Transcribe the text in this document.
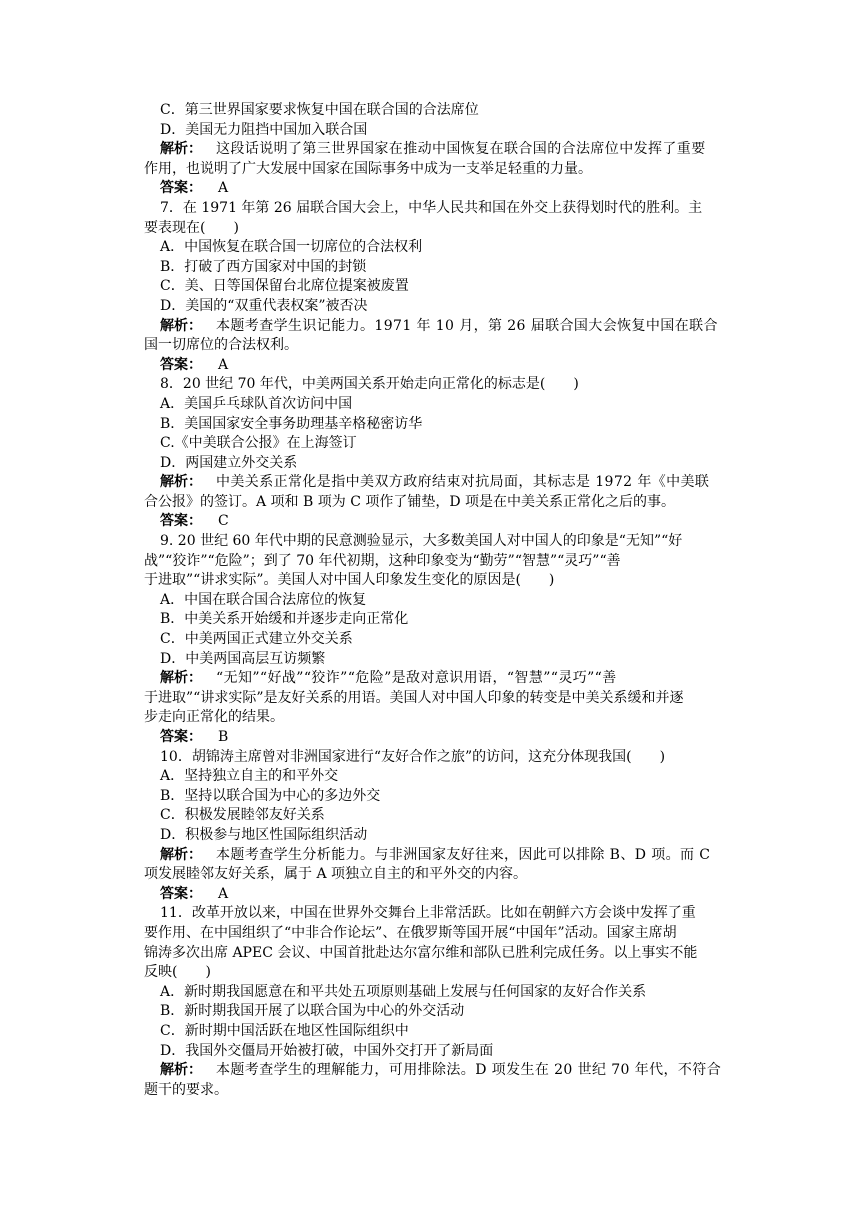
C．第三世界国家要求恢复中国在联合国的合法席位
D．美国无力阻挡中国加入联合国
解析： 这段话说明了第三世界国家在推动中国恢复在联合国的合法席位中发挥了重要
作用，也说明了广大发展中国家在国际事务中成为一支举足轻重的力量。
答案： A
7．在 1971 年第 26 届联合国大会上，中华人民共和国在外交上获得划时代的胜利。主
要表现在(　　)
A．中国恢复在联合国一切席位的合法权利
B．打破了西方国家对中国的封锁
C．美、日等国保留台北席位提案被废置
D．美国的“双重代表权案”被否决
解析： 本题考查学生识记能力。1971 年 10 月，第 26 届联合国大会恢复中国在联合
国一切席位的合法权利。
答案： A
8．20 世纪 70 年代，中美两国关系开始走向正常化的标志是(　　)
A．美国乒乓球队首次访问中国
B．美国国家安全事务助理基辛格秘密访华
C.《中美联合公报》在上海签订
D．两国建立外交关系
解析： 中美关系正常化是指中美双方政府结束对抗局面，其标志是 1972 年《中美联
合公报》的签订。A 项和 B 项为 C 项作了铺垫，D 项是在中美关系正常化之后的事。
答案： C
9. 20 世纪 60 年代中期的民意测验显示，大多数美国人对中国人的印象是“无知”“好
战”“狡诈”“危险”；到了 70 年代初期，这种印象变为“勤劳”“智慧”“灵巧”“善
于进取”“讲求实际”。美国人对中国人印象发生变化的原因是(　　)
A．中国在联合国合法席位的恢复
B．中美关系开始缓和并逐步走向正常化
C．中美两国正式建立外交关系
D．中美两国高层互访频繁
解析： “无知”“好战”“狡诈”“危险”是敌对意识用语，“智慧”“灵巧”“善
于进取”“讲求实际”是友好关系的用语。美国人对中国人印象的转变是中美关系缓和并逐
步走向正常化的结果。
答案： B
10．胡锦涛主席曾对非洲国家进行“友好合作之旅”的访问，这充分体现我国(　　)
A．坚持独立自主的和平外交
B．坚持以联合国为中心的多边外交
C．积极发展睦邻友好关系
D．积极参与地区性国际组织活动
解析： 本题考查学生分析能力。与非洲国家友好往来，因此可以排除 B、D 项。而 C
项发展睦邻友好关系，属于 A 项独立自主的和平外交的内容。
答案： A
11．改革开放以来，中国在世界外交舞台上非常活跃。比如在朝鲜六方会谈中发挥了重
要作用、在中国组织了“中非合作论坛”、在俄罗斯等国开展“中国年”活动。国家主席胡
锦涛多次出席 APEC 会议、中国首批赴达尔富尔维和部队已胜利完成任务。以上事实不能
反映(　　)
A．新时期我国愿意在和平共处五项原则基础上发展与任何国家的友好合作关系
B．新时期我国开展了以联合国为中心的外交活动
C．新时期中国活跃在地区性国际组织中
D．我国外交僵局开始被打破，中国外交打开了新局面
解析： 本题考查学生的理解能力，可用排除法。D 项发生在 20 世纪 70 年代，不符合
题干的要求。
